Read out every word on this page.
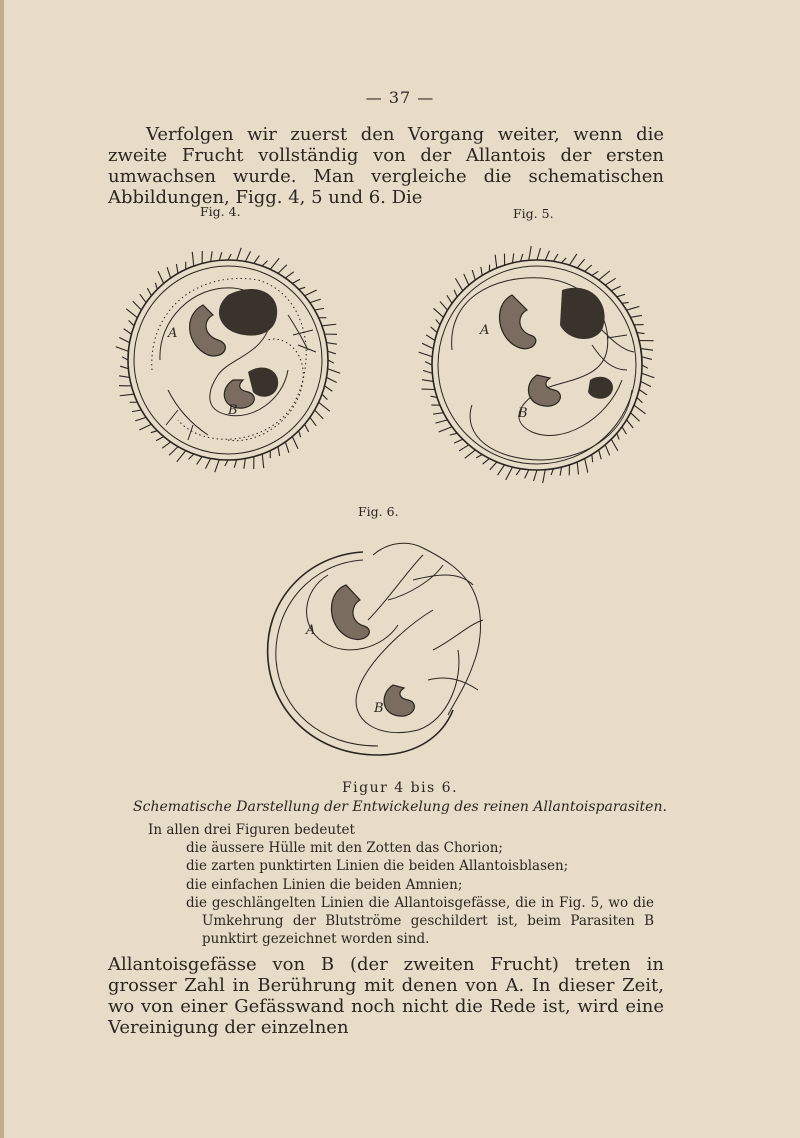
— 37 —

Verfolgen wir zuerst den Vorgang weiter, wenn die zweite Frucht vollständig von der Allantois der ersten umwachsen wurde. Man vergleiche die schematischen Abbildungen, Figg. 4, 5 und 6. Die

Fig. 4.	Fig. 5.
A
B
A
B
Fig. 6.
A
B
Figur 4 bis 6.
Schematische Darstellung der Entwickelung des reinen Allantoisparasiten.

In allen drei Figuren bedeutet

die äussere Hülle mit den Zotten das Chorion;
die zarten punktirten Linien die beiden Allantoisblasen;
die einfachen Linien die beiden Amnien;
die geschlängelten Linien die Allantoisgefässe, die in Fig. 5, wo die Umkehrung der Blutströme geschildert ist, beim Parasiten B punktirt gezeichnet worden sind.

Allantoisgefässe von B (der zweiten Frucht) treten in grosser Zahl in Berührung mit denen von A. In dieser Zeit, wo von einer Gefässwand noch nicht die Rede ist, wird eine Vereinigung der einzelnen
